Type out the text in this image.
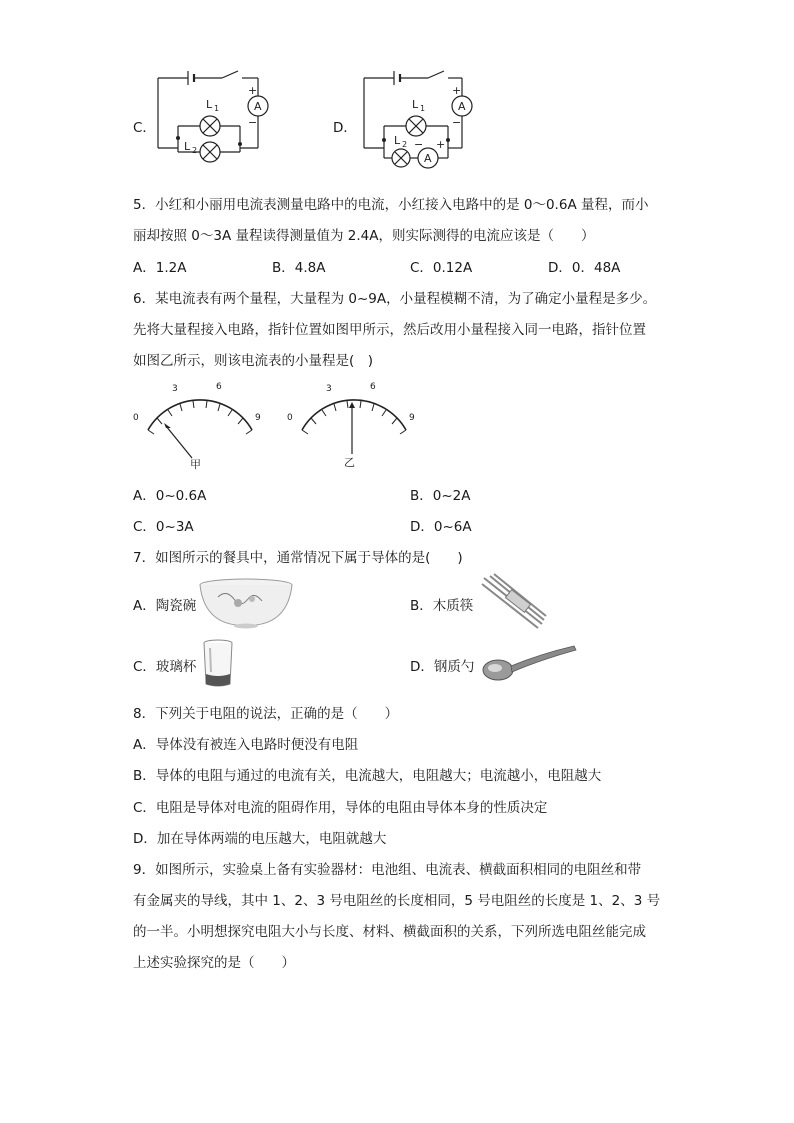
C．
A
+
−
L 1
L 2
D．
A
A
+
−
− +
L 1
L 2
5．小红和小丽用电流表测量电路中的电流，小红接入电路中的是 0～0.6A 量程，而小
丽却按照 0～3A 量程读得测量值为 2.4A，则实际测得的电流应该是（　　）
A．1.2A	B．4.8A	C．0.12A	D．0．48A
6．某电流表有两个量程，大量程为 0~9A，小量程模糊不清，为了确定小量程是多少。
先将大量程接入电路，指针位置如图甲所示，然后改用小量程接入同一电路，指针位置
如图乙所示，则该电流表的小量程是(　)
0
3	6
9
甲
0
3	6
9
乙
A．0~0.6A	B．0~2A
C．0~3A	D．0~6A
7．如图所示的餐具中，通常情况下属于导体的是(　　)
A．陶瓷碗	B．木质筷
C．玻璃杯	D．钢质勺
8．下列关于电阻的说法，正确的是（　　）
A．导体没有被连入电路时便没有电阻
B．导体的电阻与通过的电流有关，电流越大，电阻越大；电流越小，电阻越大
C．电阻是导体对电流的阻碍作用，导体的电阻由导体本身的性质决定
D．加在导体两端的电压越大，电阻就越大
9．如图所示，实验桌上备有实验器材：电池组、电流表、横截面积相同的电阻丝和带
有金属夹的导线，其中 1、2、3 号电阻丝的长度相同，5 号电阻丝的长度是 1、2、3 号
的一半。小明想探究电阻大小与长度、材料、横截面积的关系，下列所选电阻丝能完成
上述实验探究的是（　　）
